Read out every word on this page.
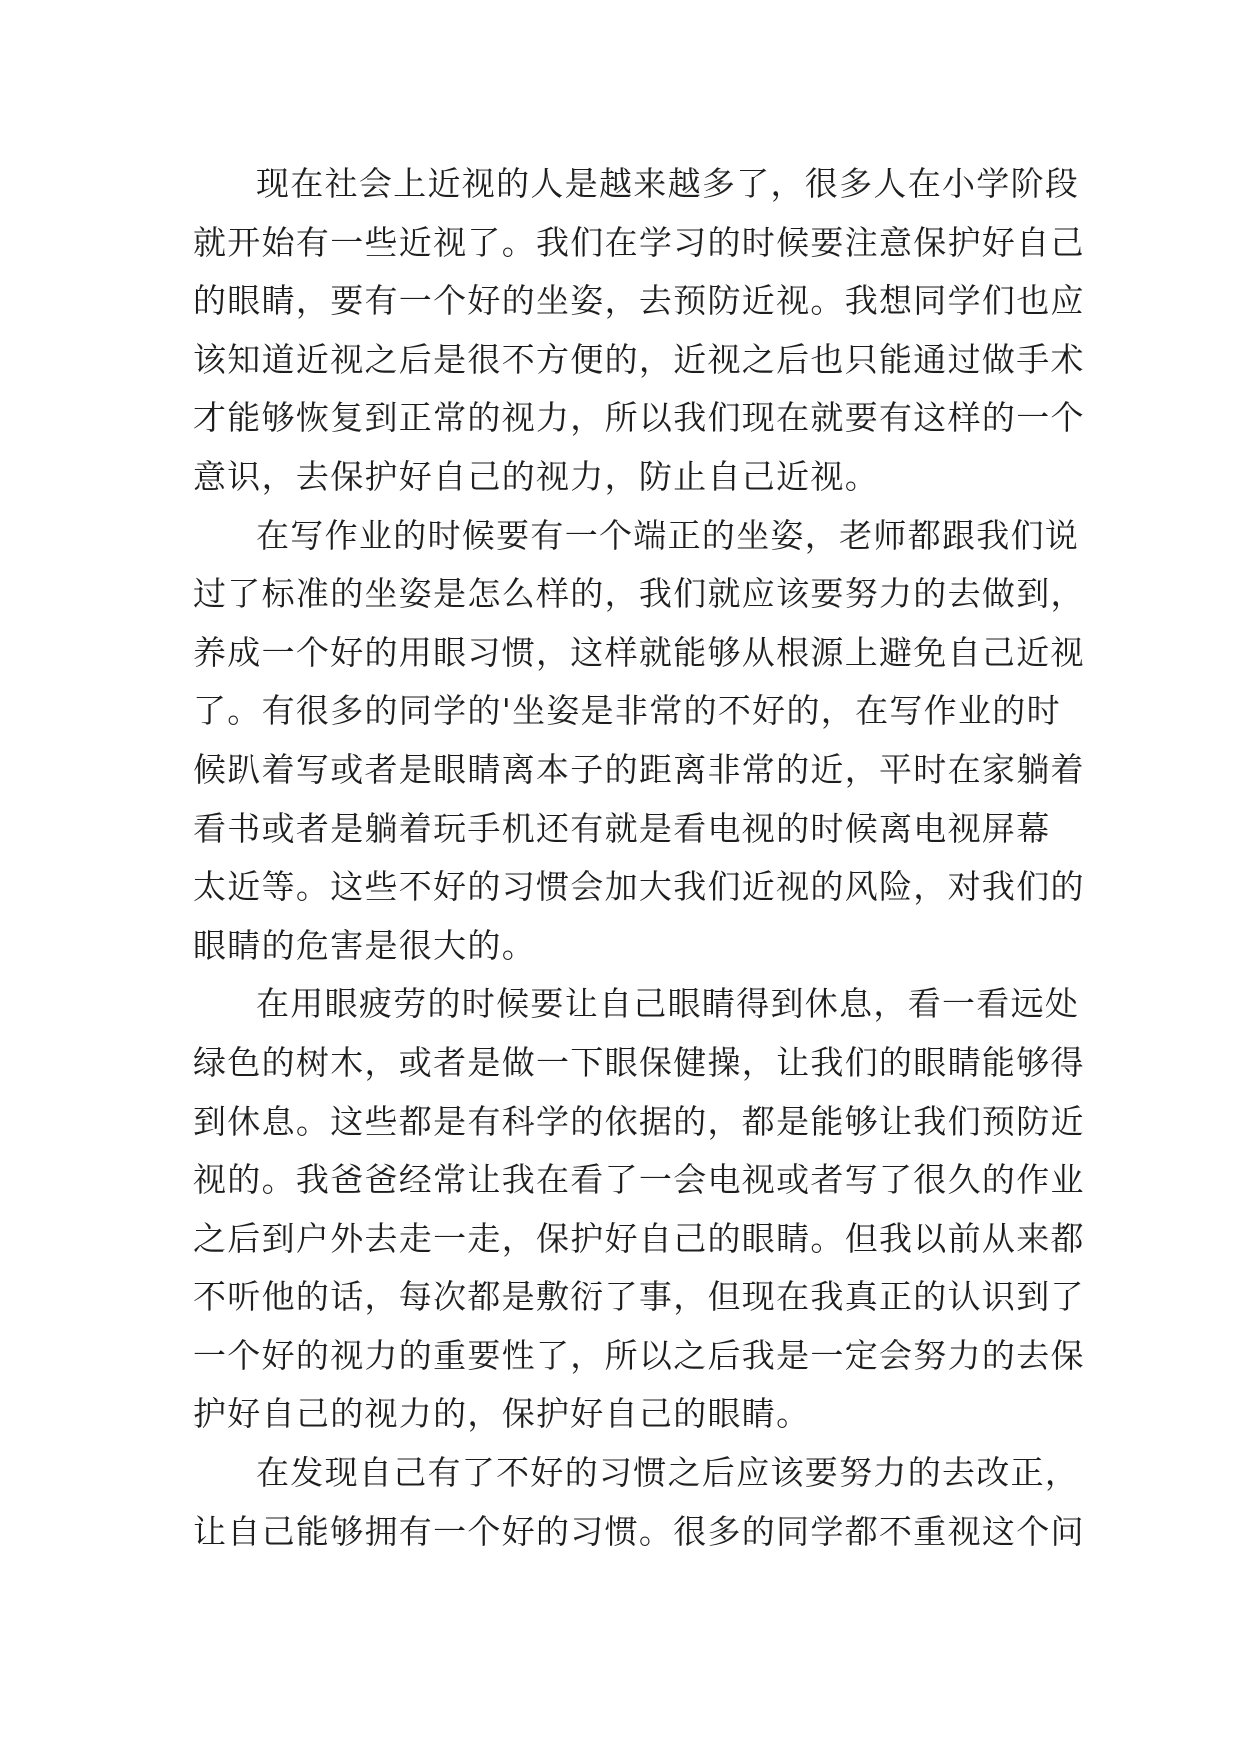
现在社会上近视的人是越来越多了，很多人在小学阶段
就开始有一些近视了。我们在学习的时候要注意保护好自己
的眼睛，要有一个好的坐姿，去预防近视。我想同学们也应
该知道近视之后是很不方便的，近视之后也只能通过做手术
才能够恢复到正常的视力，所以我们现在就要有这样的一个
意识，去保护好自己的视力，防止自己近视。
在写作业的时候要有一个端正的坐姿，老师都跟我们说
过了标准的坐姿是怎么样的，我们就应该要努力的去做到，
养成一个好的用眼习惯，这样就能够从根源上避免自己近视
了。有很多的同学的'坐姿是非常的不好的，在写作业的时
候趴着写或者是眼睛离本子的距离非常的近，平时在家躺着
看书或者是躺着玩手机还有就是看电视的时候离电视屏幕
太近等。这些不好的习惯会加大我们近视的风险，对我们的
眼睛的危害是很大的。
在用眼疲劳的时候要让自己眼睛得到休息，看一看远处
绿色的树木，或者是做一下眼保健操，让我们的眼睛能够得
到休息。这些都是有科学的依据的，都是能够让我们预防近
视的。我爸爸经常让我在看了一会电视或者写了很久的作业
之后到户外去走一走，保护好自己的眼睛。但我以前从来都
不听他的话，每次都是敷衍了事，但现在我真正的认识到了
一个好的视力的重要性了，所以之后我是一定会努力的去保
护好自己的视力的，保护好自己的眼睛。
在发现自己有了不好的习惯之后应该要努力的去改正，
让自己能够拥有一个好的习惯。很多的同学都不重视这个问
